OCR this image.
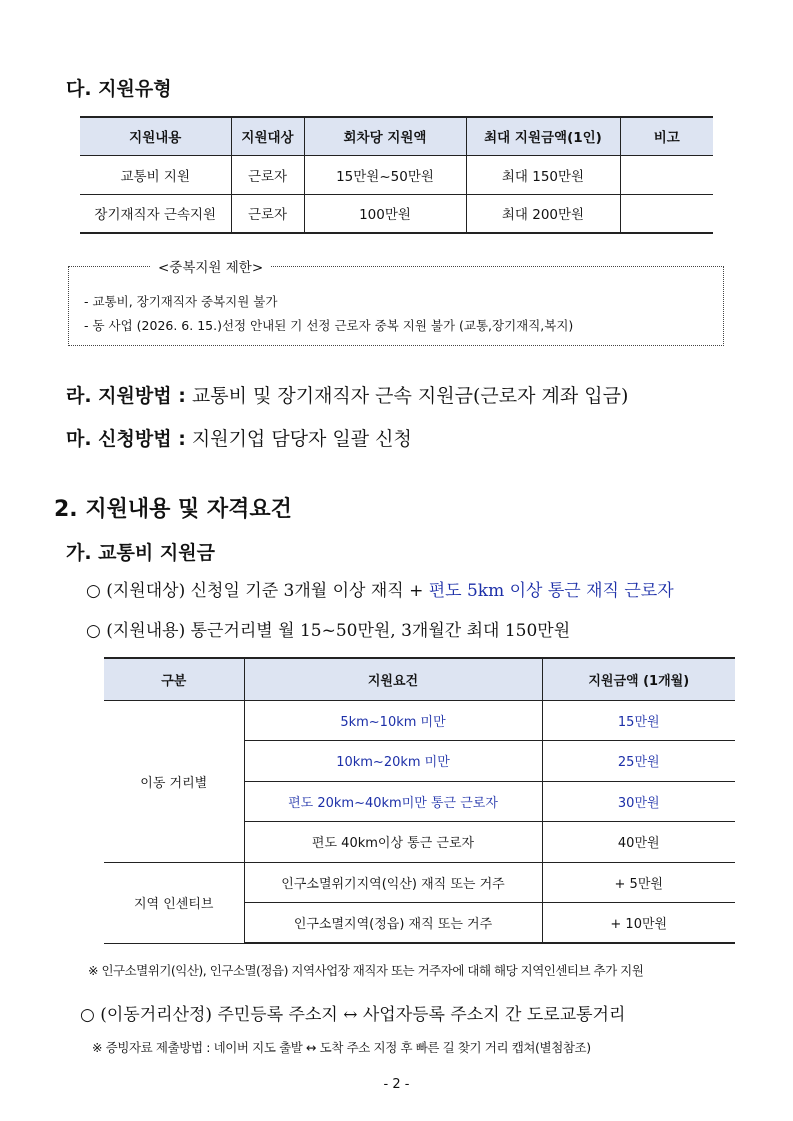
다. 지원유형
지원내용	지원대상	회차당 지원액	최대 지원금액(1인)	비고
교통비 지원	근로자	15만원~50만원	최대 150만원	
장기재직자 근속지원	근로자	100만원	최대 200만원	
<중복지원 제한>
- 교통비, 장기재직자 중복지원 불가
- 동 사업 (2026. 6. 15.)선정 안내된 기 선정 근로자 중복 지원 불가 (교통,장기재직,복지)
라. 지원방법 : 교통비 및 장기재직자 근속 지원금(근로자 계좌 입금)
마. 신청방법 : 지원기업 담당자 일괄 신청
2. 지원내용 및 자격요건
가. 교통비 지원금
○ (지원대상) 신청일 기준 3개월 이상 재직 + 편도 5km 이상 통근 재직 근로자
○ (지원내용) 통근거리별 월 15~50만원, 3개월간 최대 150만원
구분	지원요건	지원금액 (1개월)
이동 거리별	5km~10km 미만	15만원
	10km~20km 미만	25만원
	편도 20km~40km미만 통근 근로자	30만원
	편도 40km이상 통근 근로자	40만원
지역 인센티브	인구소멸위기지역(익산) 재직 또는 거주	+ 5만원
	인구소멸지역(정읍) 재직 또는 거주	+ 10만원
※ 인구소멸위기(익산), 인구소멸(정읍) 지역사업장 재직자 또는 거주자에 대해 해당 지역인센티브 추가 지원
○ (이동거리산정) 주민등록 주소지 ↔ 사업자등록 주소지 간 도로교통거리
※ 증빙자료 제출방법 : 네이버 지도 출발 ↔ 도착 주소 지정 후 빠른 길 찾기 거리 캡쳐(별첨참조)
- 2 -
